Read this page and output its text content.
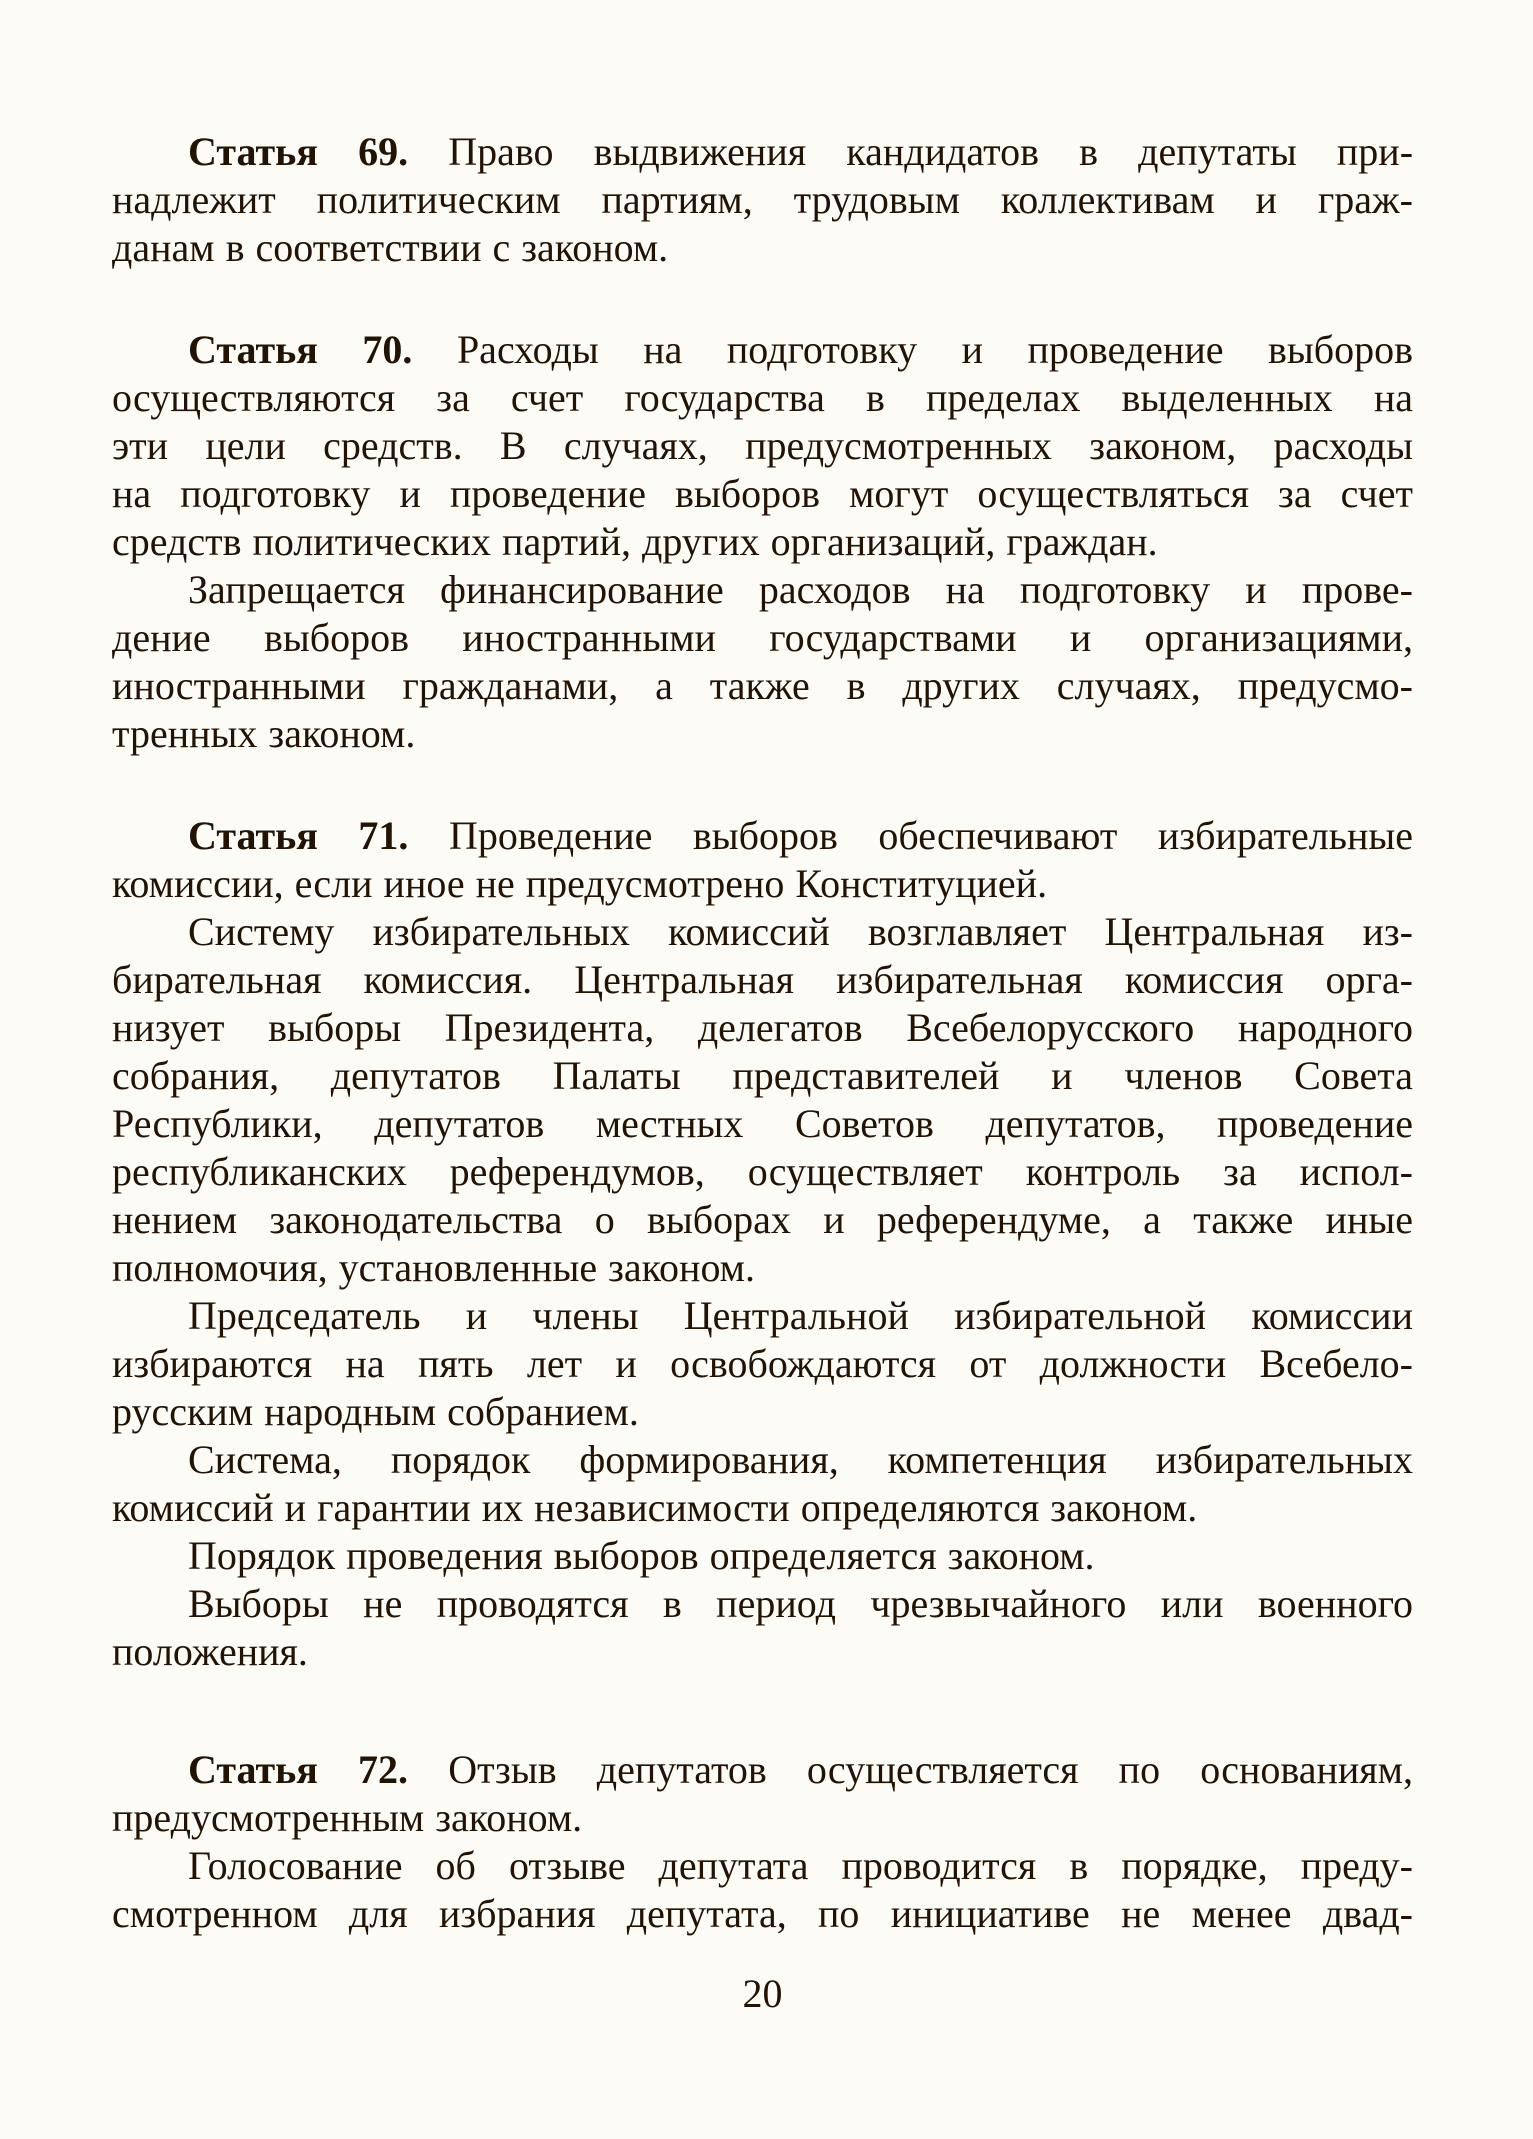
Статья 69. Право выдвижения кандидатов в депутаты при-
надлежит политическим партиям, трудовым коллективам и граж-
данам в соответствии с законом.

Статья 70. Расходы на подготовку и проведение выборов
осуществляются за счет государства в пределах выделенных на
эти цели средств. В случаях, предусмотренных законом, расходы
на подготовку и проведение выборов могут осуществляться за счет
средств политических партий, других организаций, граждан.

Запрещается финансирование расходов на подготовку и прове-
дение выборов иностранными государствами и организациями,
иностранными гражданами, а также в других случаях, предусмо-
тренных законом.

Статья 71. Проведение выборов обеспечивают избирательные
комиссии, если иное не предусмотрено Конституцией.

Систему избирательных комиссий возглавляет Центральная из-
бирательная комиссия. Центральная избирательная комиссия орга-
низует выборы Президента, делегатов Всебелорусского народного
собрания, депутатов Палаты представителей и членов Совета
Республики, депутатов местных Советов депутатов, проведение
республиканских референдумов, осуществляет контроль за испол-
нением законодательства о выборах и референдуме, а также иные
полномочия, установленные законом.

Председатель и члены Центральной избирательной комиссии
избираются на пять лет и освобождаются от должности Всебело-
русским народным собранием.

Система, порядок формирования, компетенция избирательных
комиссий и гарантии их независимости определяются законом.

Порядок проведения выборов определяется законом.

Выборы не проводятся в период чрезвычайного или военного
положения.

Статья 72. Отзыв депутатов осуществляется по основаниям,
предусмотренным законом.

Голосование об отзыве депутата проводится в порядке, преду-
смотренном для избрания депутата, по инициативе не менее двад-

20
